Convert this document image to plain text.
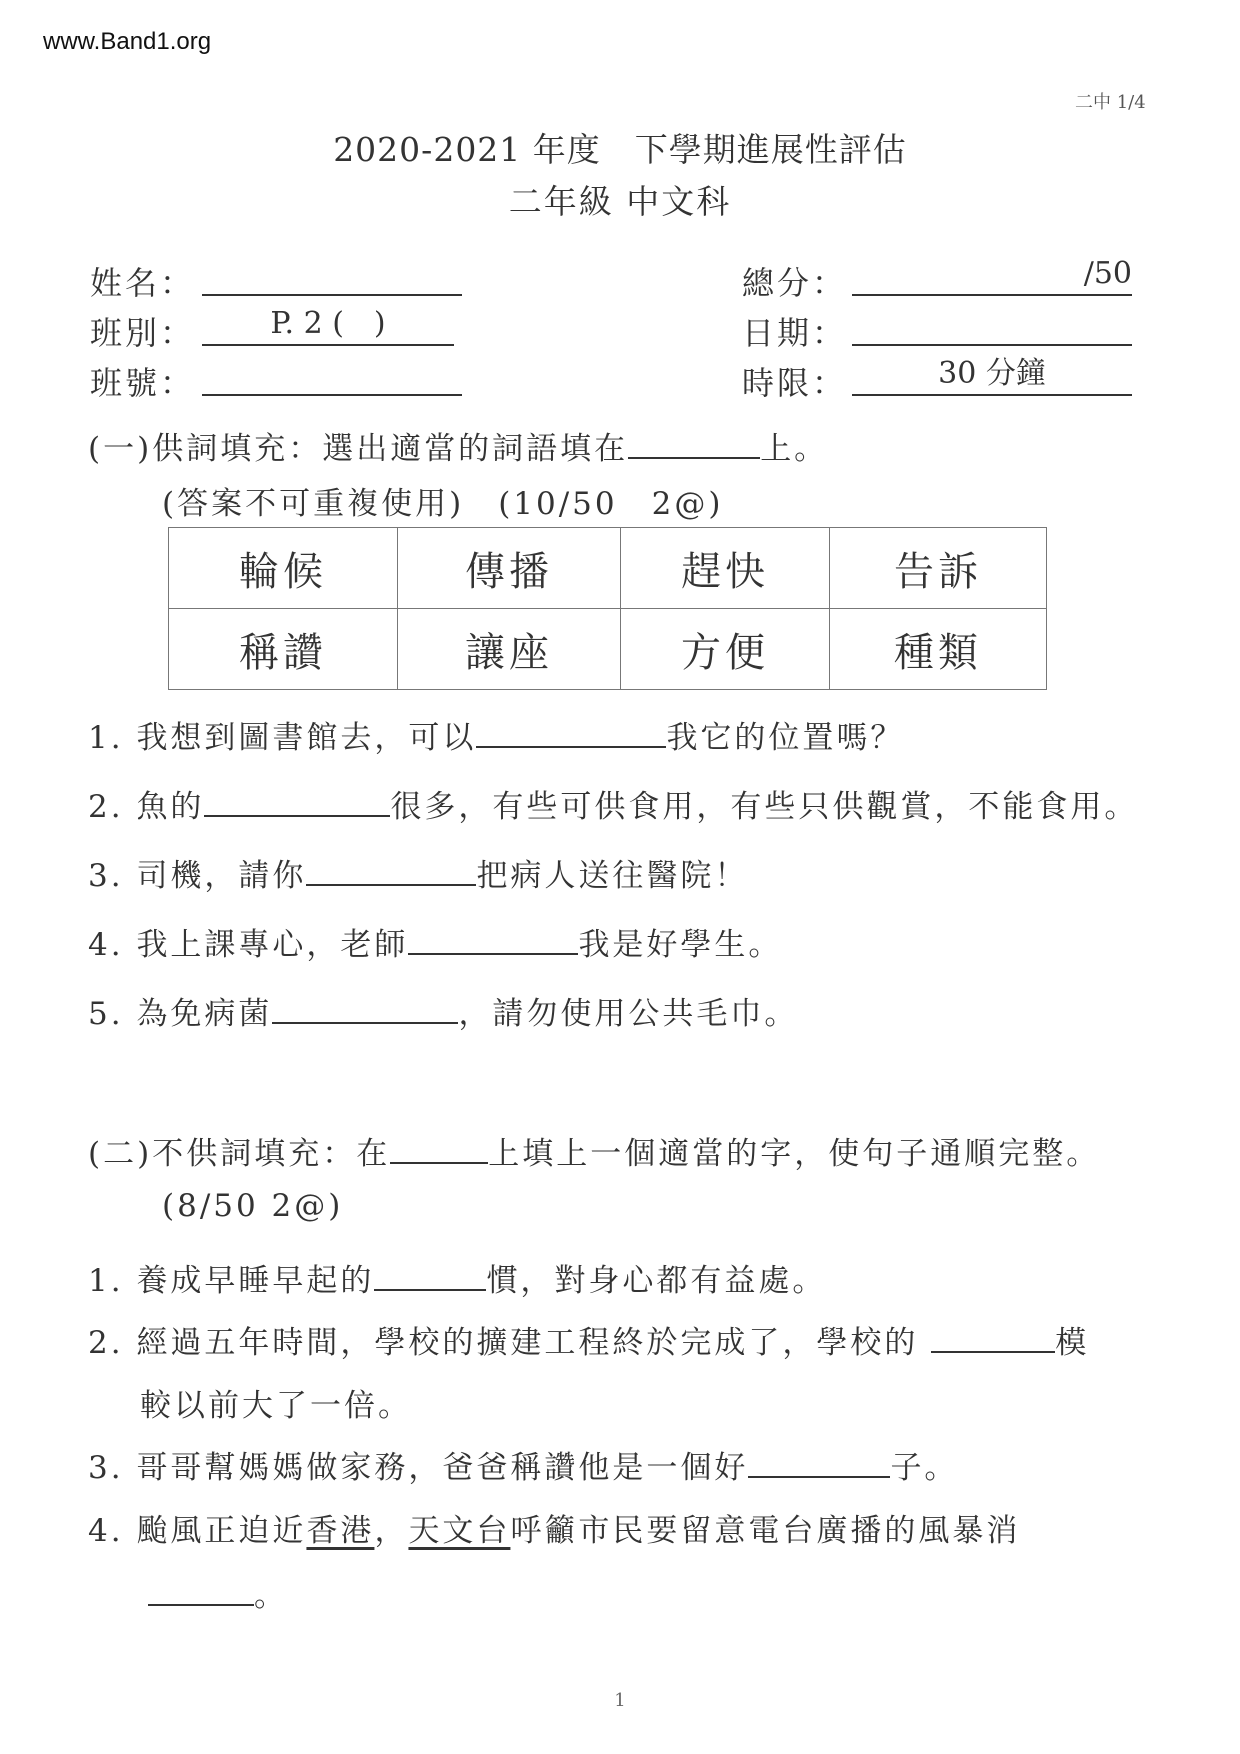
www.Band1.org
二中 1/4
2020-2021 年度　下學期進展性評估
二年級 中文科
姓名：
班別：	P. 2 (　)
班號：
總分：	/50
日期：
時限：	30 分鐘
(一)供詞填充：選出適當的詞語填在	上。
(答案不可重複使用)　(10/50　2@)
輪候	傳播	趕快	告訴
稱讚	讓座	方便	種類
1. 我想到圖書館去，可以	我它的位置嗎？
2. 魚的	很多，有些可供食用，有些只供觀賞，不能食用。
3. 司機，請你	把病人送往醫院！
4. 我上課專心，老師	我是好學生。
5. 為免病菌	，請勿使用公共毛巾。
(二)不供詞填充：在	上填上一個適當的字，使句子通順完整。
(8/50 2@)
1. 養成早睡早起的	慣，對身心都有益處。
2. 經過五年時間，學校的擴建工程終於完成了，學校的	模
較以前大了一倍。
3. 哥哥幫媽媽做家務，爸爸稱讚他是一個好	子。
4. 颱風正迫近香港，天文台呼籲市民要留意電台廣播的風暴消
。
1
